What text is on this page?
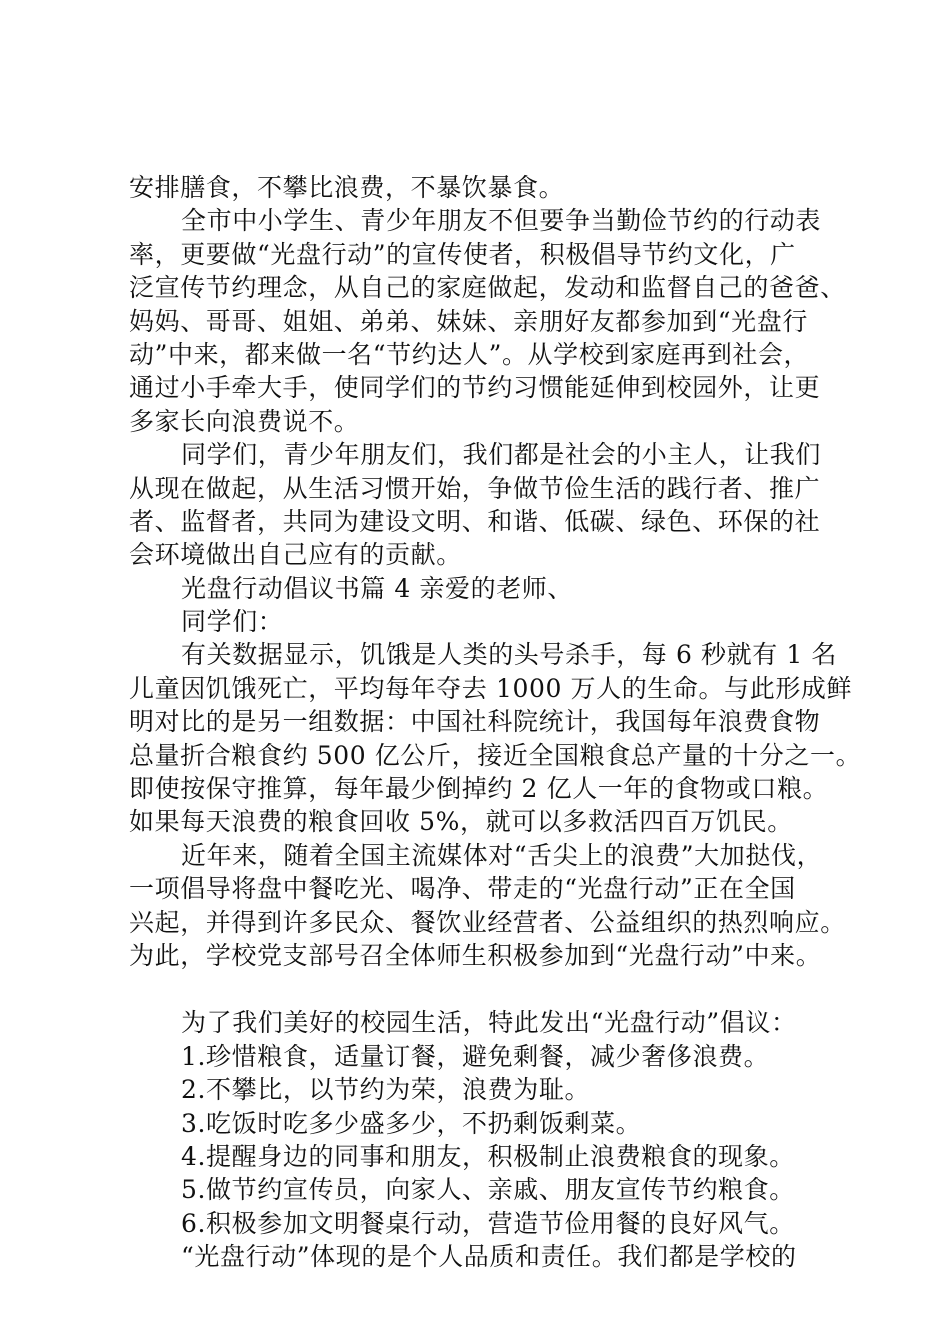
安排膳食，不攀比浪费，不暴饮暴食。
全市中小学生、青少年朋友不但要争当勤俭节约的行动表
率，更要做“光盘行动”的宣传使者，积极倡导节约文化，广
泛宣传节约理念，从自己的家庭做起，发动和监督自己的爸爸、
妈妈、哥哥、姐姐、弟弟、妹妹、亲朋好友都参加到“光盘行
动”中来，都来做一名“节约达人”。从学校到家庭再到社会，
通过小手牵大手，使同学们的节约习惯能延伸到校园外，让更
多家长向浪费说不。
同学们，青少年朋友们，我们都是社会的小主人，让我们
从现在做起，从生活习惯开始，争做节俭生活的践行者、推广
者、监督者，共同为建设文明、和谐、低碳、绿色、环保的社
会环境做出自己应有的贡献。
光盘行动倡议书篇 4 亲爱的老师、
同学们：
有关数据显示，饥饿是人类的头号杀手，每 6 秒就有 1 名
儿童因饥饿死亡，平均每年夺去 1000 万人的生命。与此形成鲜
明对比的是另一组数据：中国社科院统计，我国每年浪费食物
总量折合粮食约 500 亿公斤，接近全国粮食总产量的十分之一。
即使按保守推算，每年最少倒掉约 2 亿人一年的食物或口粮。
如果每天浪费的粮食回收 5%，就可以多救活四百万饥民。
近年来，随着全国主流媒体对“舌尖上的浪费”大加挞伐，
一项倡导将盘中餐吃光、喝净、带走的“光盘行动”正在全国
兴起，并得到许多民众、餐饮业经营者、公益组织的热烈响应。
为此，学校党支部号召全体师生积极参加到“光盘行动”中来。
为了我们美好的校园生活，特此发出“光盘行动”倡议：
1.珍惜粮食，适量订餐，避免剩餐，减少奢侈浪费。
2.不攀比，以节约为荣，浪费为耻。
3.吃饭时吃多少盛多少，不扔剩饭剩菜。
4.提醒身边的同事和朋友，积极制止浪费粮食的现象。
5.做节约宣传员，向家人、亲戚、朋友宣传节约粮食。
6.积极参加文明餐桌行动，营造节俭用餐的良好风气。
“光盘行动”体现的是个人品质和责任。我们都是学校的
